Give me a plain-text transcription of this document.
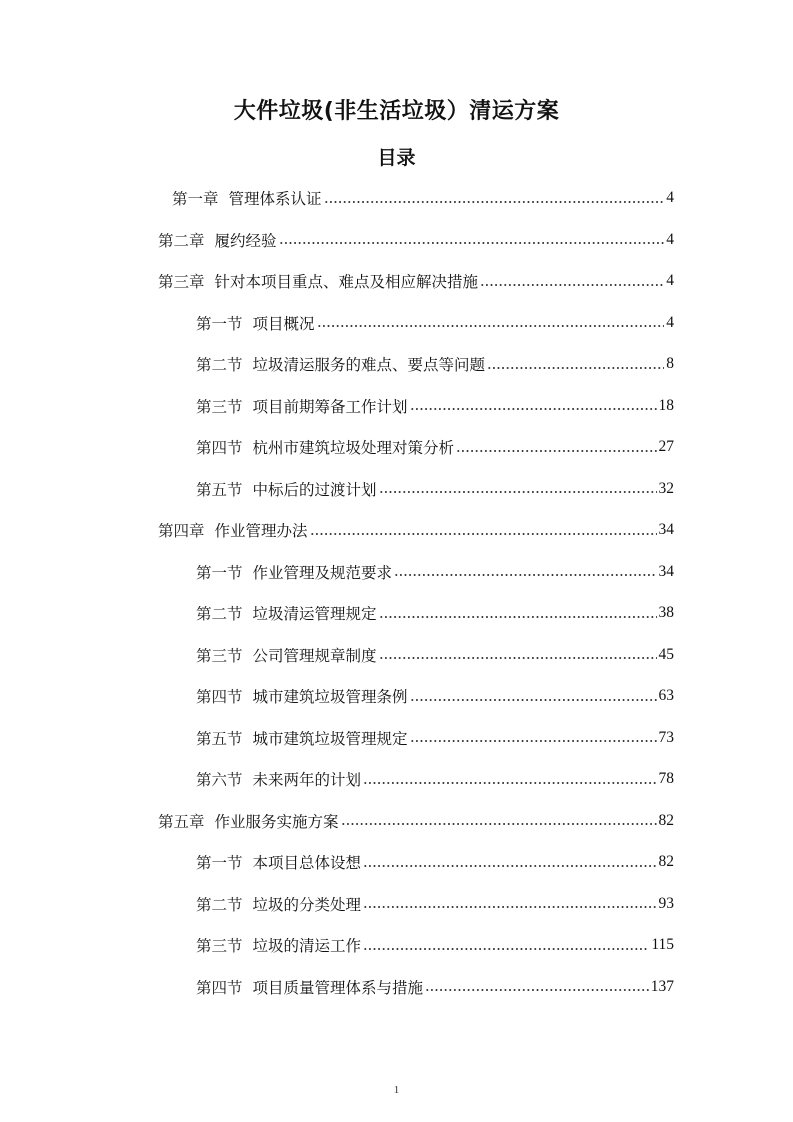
大件垃圾(非生活垃圾）清运方案
目录
第一章 管理体系认证	4
第二章 履约经验	4
第三章 针对本项目重点、难点及相应解决措施	4
第一节 项目概况	4
第二节 垃圾清运服务的难点、要点等问题	8
第三节 项目前期筹备工作计划	18
第四节 杭州市建筑垃圾处理对策分析	27
第五节 中标后的过渡计划	32
第四章 作业管理办法	34
第一节 作业管理及规范要求	34
第二节 垃圾清运管理规定	38
第三节 公司管理规章制度	45
第四节 城市建筑垃圾管理条例	63
第五节 城市建筑垃圾管理规定	73
第六节 未来两年的计划	78
第五章 作业服务实施方案	82
第一节 本项目总体设想	82
第二节 垃圾的分类处理	93
第三节 垃圾的清运工作	115
第四节 项目质量管理体系与措施	137
1
